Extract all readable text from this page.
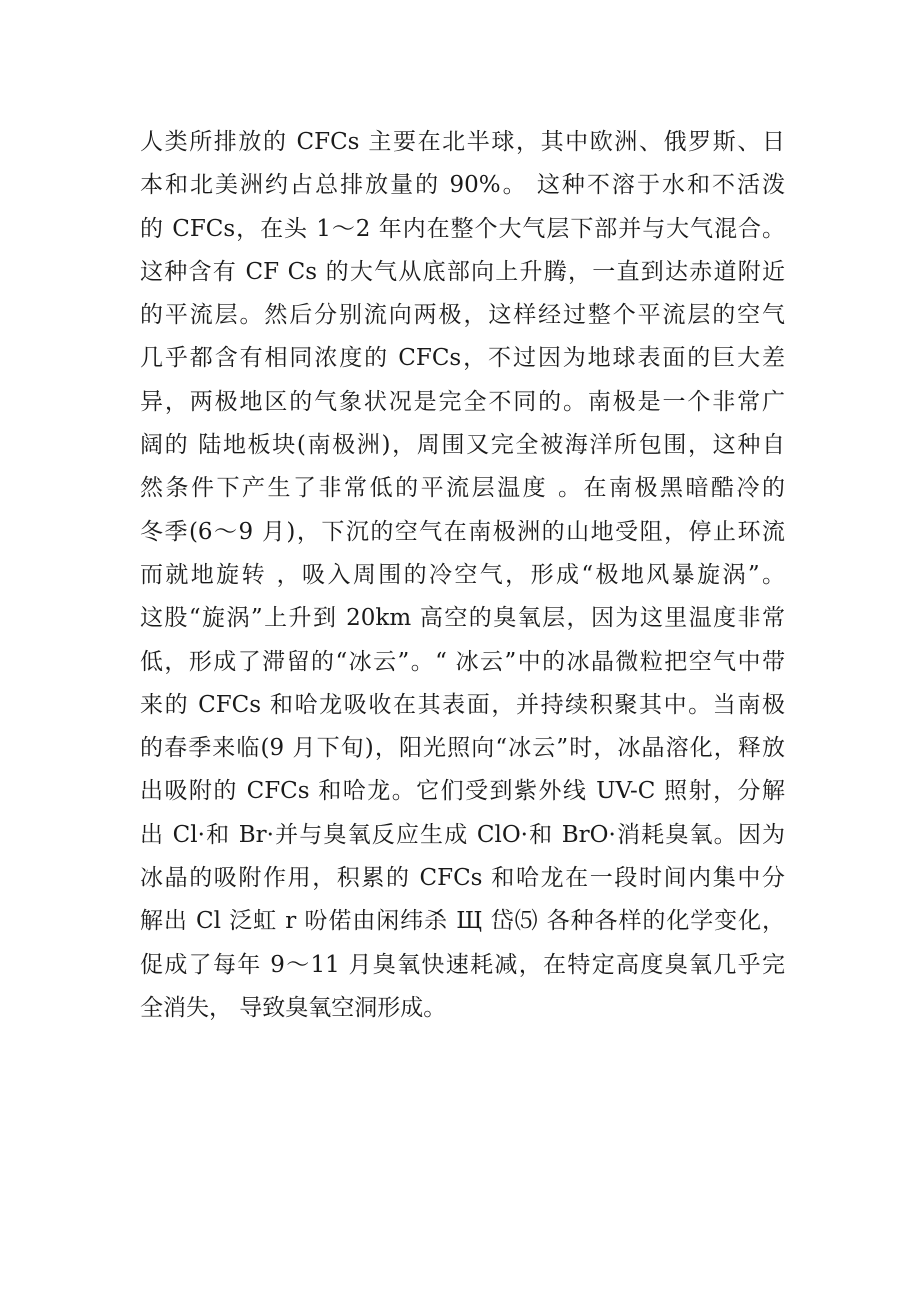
人类所排放的 CFCs 主要在北半球，其中欧洲、俄罗斯、日
本和北美洲约占总排放量的 90%。 这种不溶于水和不活泼
的 CFCs，在头 1～2 年内在整个大气层下部并与大气混合。
这种含有 CF Cs 的大气从底部向上升腾，一直到达赤道附近
的平流层。然后分别流向两极，这样经过整个平流层的空气
几乎都含有相同浓度的 CFCs，不过因为地球表面的巨大差
异，两极地区的气象状况是完全不同的。南极是一个非常广
阔的 陆地板块(南极洲)，周围又完全被海洋所包围，这种自
然条件下产生了非常低的平流层温度 。在南极黑暗酷冷的
冬季(6～9 月)，下沉的空气在南极洲的山地受阻，停止环流
而就地旋转 ，吸入周围的冷空气，形成“极地风暴旋涡”。
这股“旋涡”上升到 20km 高空的臭氧层，因为这里温度非常
低，形成了滞留的“冰云”。“ 冰云”中的冰晶微粒把空气中带
来的 CFCs 和哈龙吸收在其表面，并持续积聚其中。当南极
的春季来临(9 月下旬)，阳光照向“冰云”时，冰晶溶化，释放
出吸附的 CFCs 和哈龙。它们受到紫外线 UV-C 照射，分解
出 Cl·和 Br·并与臭氧反应生成 ClO·和 BrO·消耗臭氧。因为
冰晶的吸附作用，积累的 CFCs 和哈龙在一段时间内集中分
解出 Cl 泛虹 r 吩偌由闲纬杀 Щ 岱⑸ 各种各样的化学变化，
促成了每年 9～11 月臭氧快速耗减，在特定高度臭氧几乎完
全消失， 导致臭氧空洞形成。
